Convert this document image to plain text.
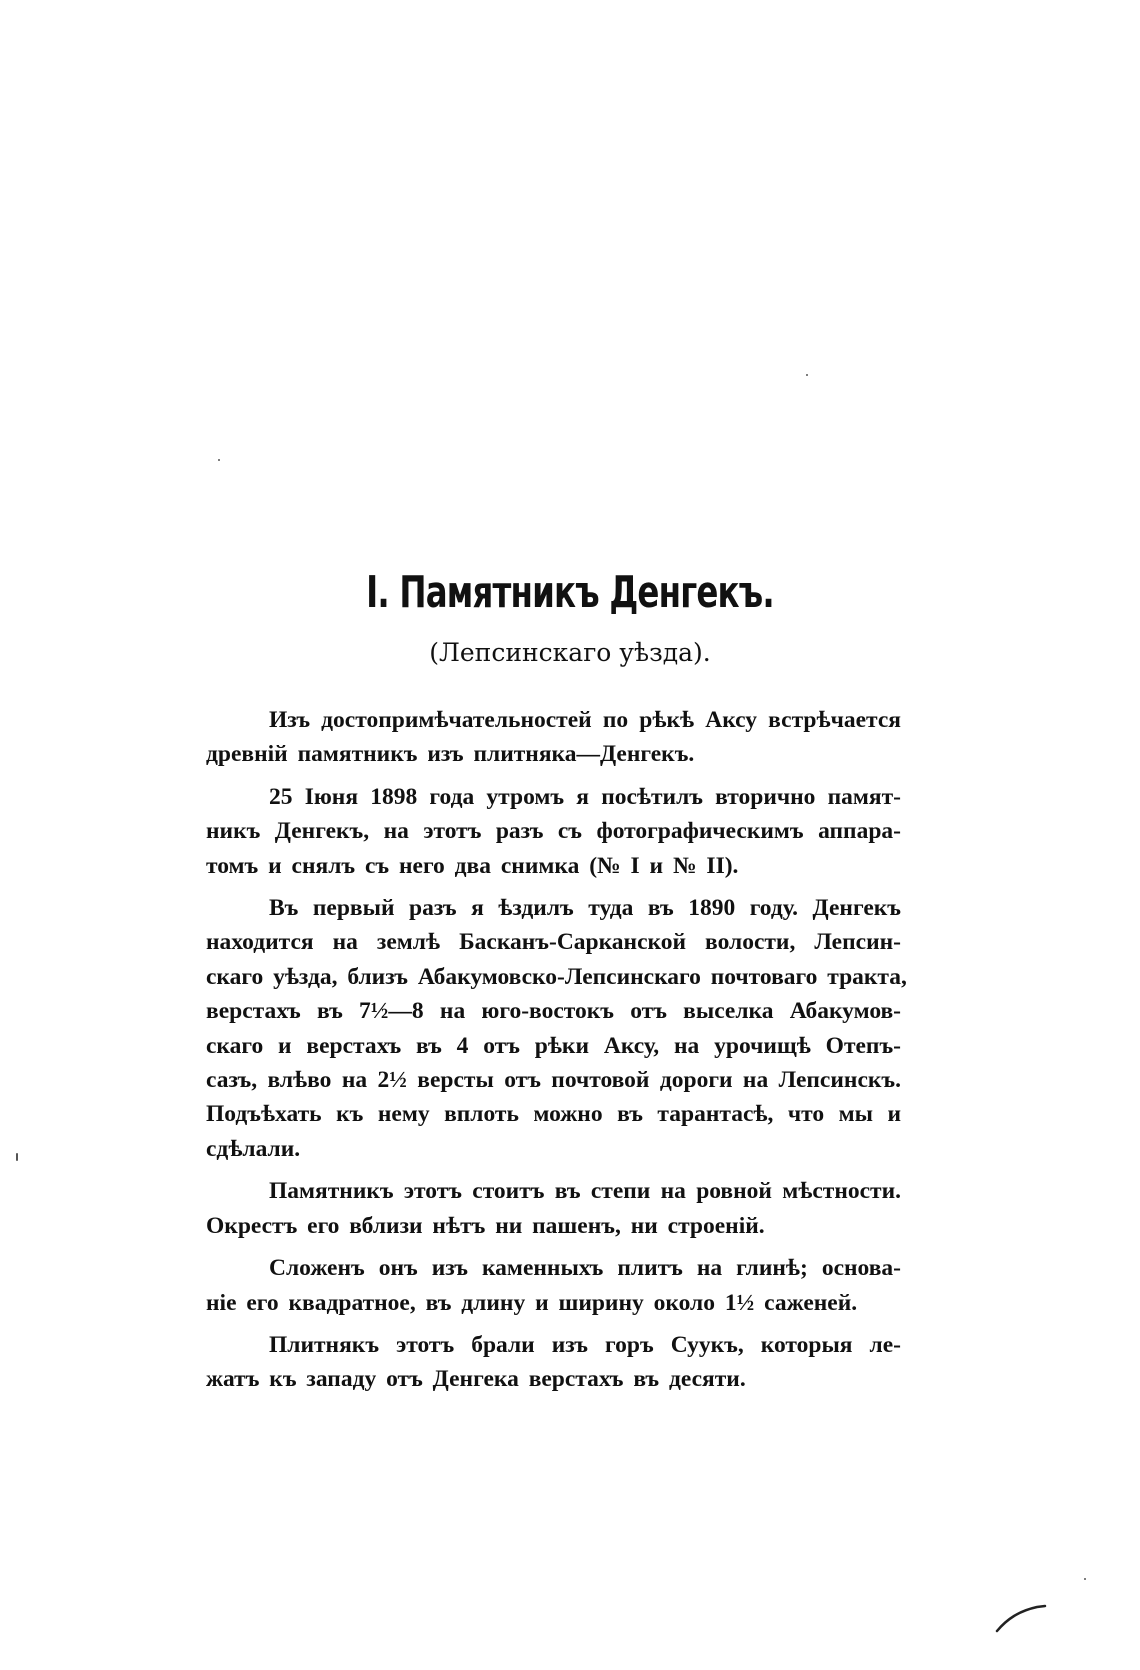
I. Памятникъ Денгекъ.

(Лепсинскаго уѣзда).

Изъ достопримѣчательностей по рѣкѣ Аксу встрѣчается
древній памятникъ изъ плитняка—Денгекъ.
25 Іюня 1898 года утромъ я посѣтилъ вторично памят-
никъ Денгекъ, на этотъ разъ съ фотографическимъ аппара-
томъ и снялъ съ него два снимка (№ I и № II).
Въ первый разъ я ѣздилъ туда въ 1890 году. Денгекъ
находится на землѣ Басканъ-Сарканской волости, Лепсин-
скаго уѣзда, близъ Абакумовско-Лепсинскаго почтоваго тракта,
верстахъ въ 7½—8 на юго-востокъ отъ выселка Абакумов-
скаго и верстахъ въ 4 отъ рѣки Аксу, на урочищѣ Отепъ-
сазъ, влѣво на 2½ версты отъ почтовой дороги на Лепсинскъ.
Подъѣхать къ нему вплоть можно въ тарантасѣ, что мы и
сдѣлали.
Памятникъ этотъ стоитъ въ степи на ровной мѣстности.
Окрестъ его вблизи нѣтъ ни пашенъ, ни строеній.
Сложенъ онъ изъ каменныхъ плитъ на глинѣ; основа-
ніе его квадратное, въ длину и ширину около 1½ саженей.
Плитнякъ этотъ брали изъ горъ Суукъ, которыя ле-
жатъ къ западу отъ Денгека верстахъ въ десяти.
